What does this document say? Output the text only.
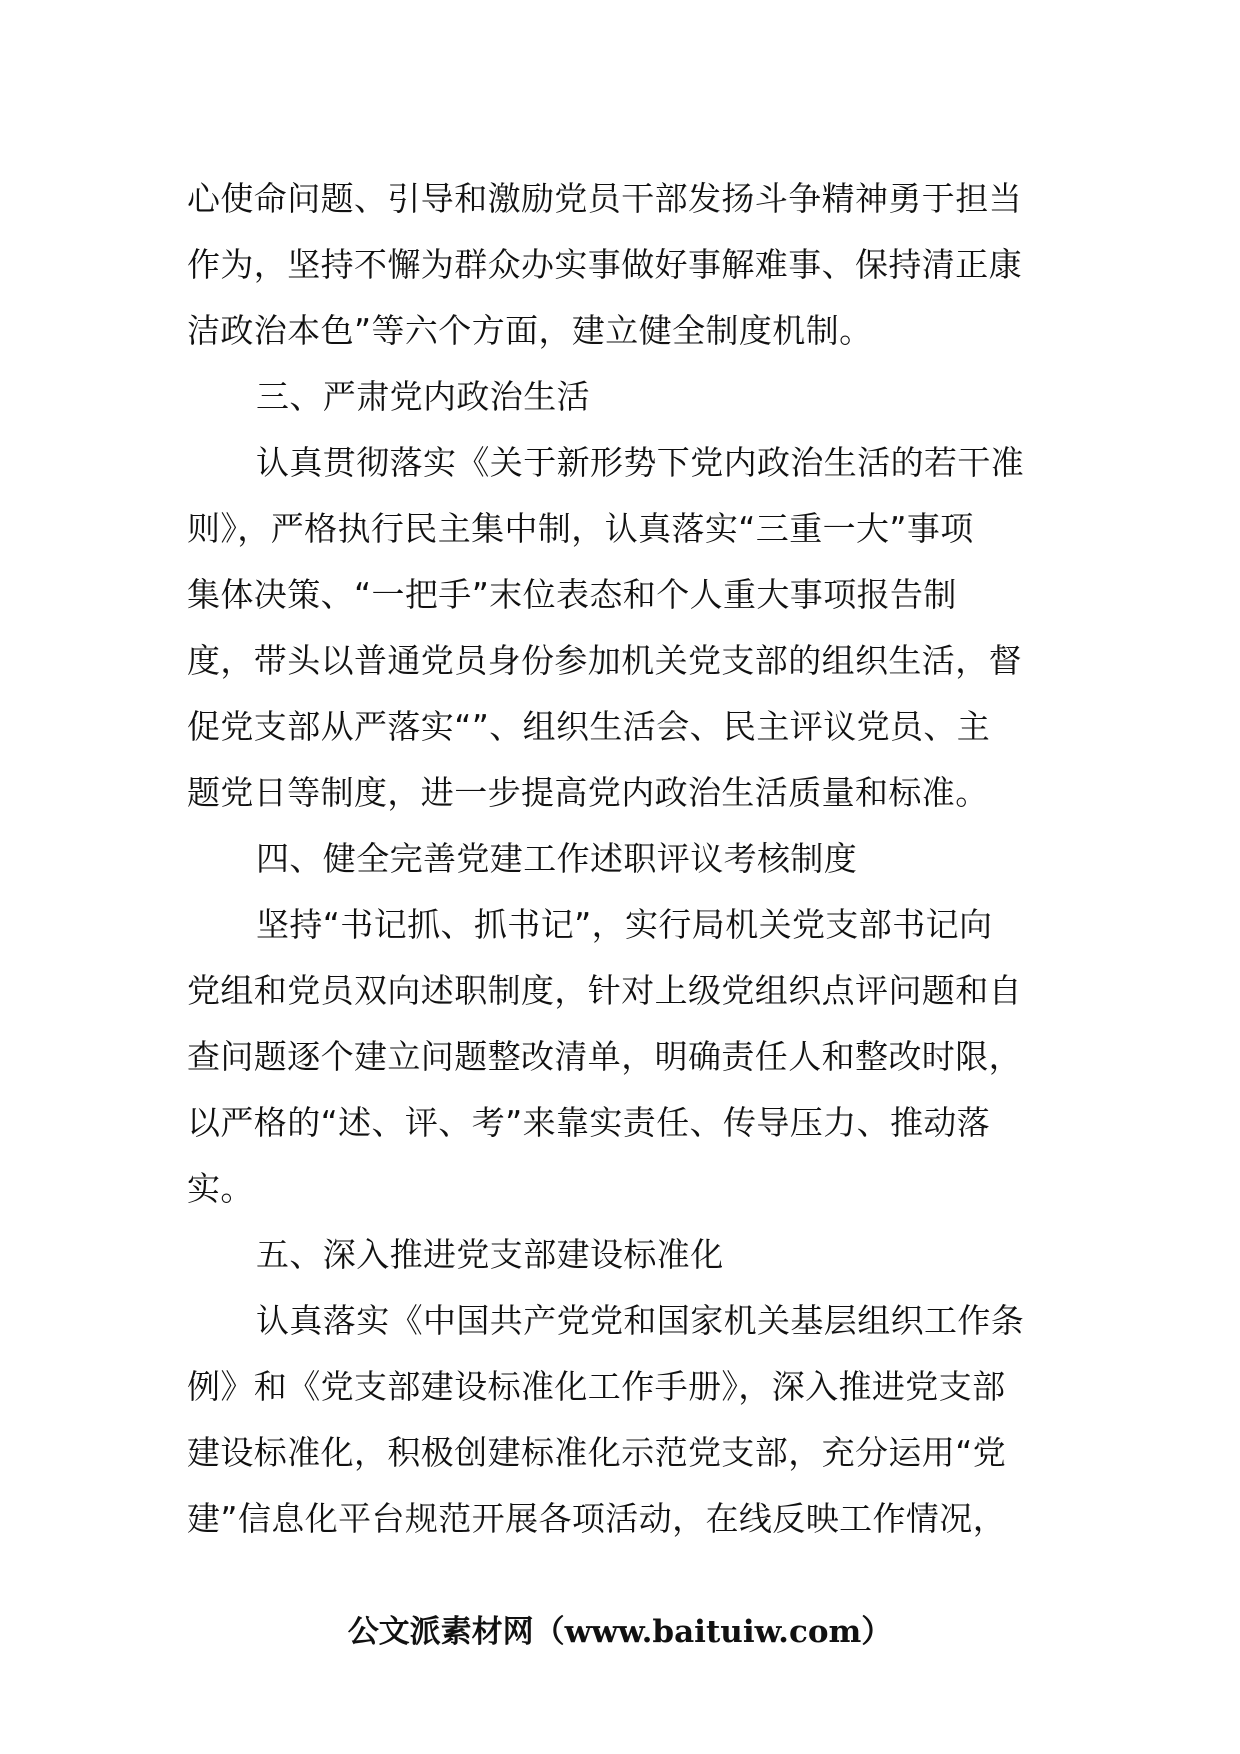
心使命问题、引导和激励党员干部发扬斗争精神勇于担当
作为，坚持不懈为群众办实事做好事解难事、保持清正康
洁政治本色”等六个方面，建立健全制度机制。
三、严肃党内政治生活
认真贯彻落实《关于新形势下党内政治生活的若干准
则》，严格执行民主集中制，认真落实“三重一大”事项
集体决策、“一把手”末位表态和个人重大事项报告制
度，带头以普通党员身份参加机关党支部的组织生活，督
促党支部从严落实“”、组织生活会、民主评议党员、主
题党日等制度，进一步提高党内政治生活质量和标准。
四、健全完善党建工作述职评议考核制度
坚持“书记抓、抓书记”，实行局机关党支部书记向
党组和党员双向述职制度，针对上级党组织点评问题和自
查问题逐个建立问题整改清单，明确责任人和整改时限，
以严格的“述、评、考”来靠实责任、传导压力、推动落
实。
五、深入推进党支部建设标准化
认真落实《中国共产党党和国家机关基层组织工作条
例》和《党支部建设标准化工作手册》，深入推进党支部
建设标准化，积极创建标准化示范党支部，充分运用“党
建”信息化平台规范开展各项活动，在线反映工作情况，
公文派素材网（www.baituiw.com）
